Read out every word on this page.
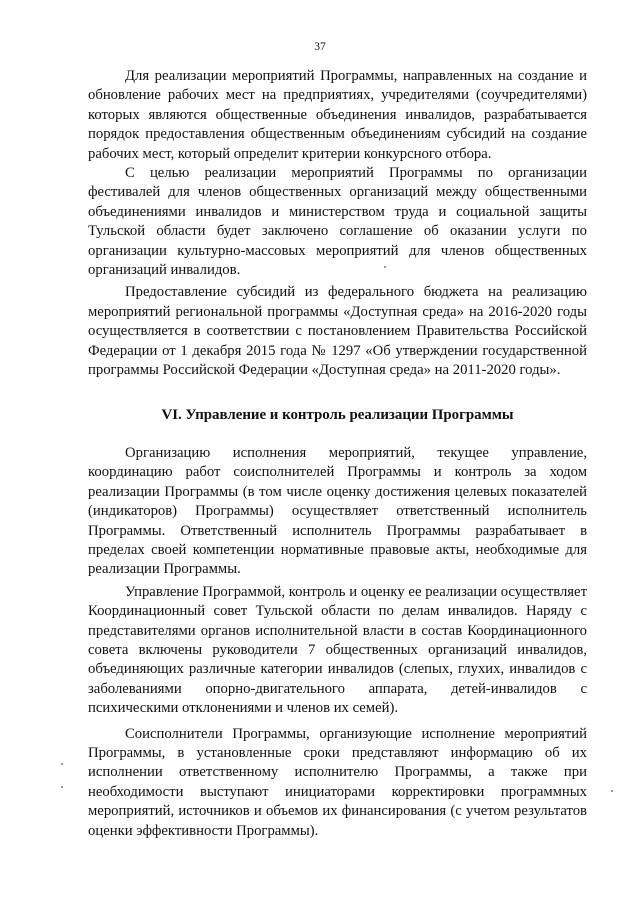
37

Для реализации мероприятий Программы, направленных на создание и обновление рабочих мест на предприятиях, учредителями (соучредителями) которых являются общественные объединения инвалидов, разрабатывается порядок предоставления общественным объединениям субсидий на создание рабочих мест, который определит критерии конкурсного отбора.

С целью реализации мероприятий Программы по организации фестивалей для членов общественных организаций между общественными объединениями инвалидов и министерством труда и социальной защиты Тульской области будет заключено соглашение об оказании услуги по организации культурно-массовых мероприятий для членов общественных организаций инвалидов.

Предоставление субсидий из федерального бюджета на реализацию мероприятий региональной программы «Доступная среда» на 2016-2020 годы осуществляется в соответствии с постановлением Правительства Российской Федерации от 1 декабря 2015 года № 1297 «Об утверждении государственной программы Российской Федерации «Доступная среда» на 2011-2020 годы».

VI. Управление и контроль реализации Программы

Организацию исполнения мероприятий, текущее управление, координацию работ соисполнителей Программы и контроль за ходом реализации Программы (в том числе оценку достижения целевых показателей (индикаторов) Программы) осуществляет ответственный исполнитель Программы. Ответственный исполнитель Программы разрабатывает в пределах своей компетенции нормативные правовые акты, необходимые для реализации Программы.

Управление Программой, контроль и оценку ее реализации осуществляет Координационный совет Тульской области по делам инвалидов. Наряду с представителями органов исполнительной власти в состав Координационного совета включены руководители 7 общественных организаций инвалидов, объединяющих различные категории инвалидов (слепых, глухих, инвалидов с заболеваниями опорно-двигательного аппарата, детей-инвалидов с психическими отклонениями и членов их семей).

Соисполнители Программы, организующие исполнение мероприятий Программы, в установленные сроки представляют информацию об их исполнении ответственному исполнителю Программы, а также при необходимости выступают инициаторами корректировки программных мероприятий, источников и объемов их финансирования (с учетом результатов оценки эффективности Программы).
